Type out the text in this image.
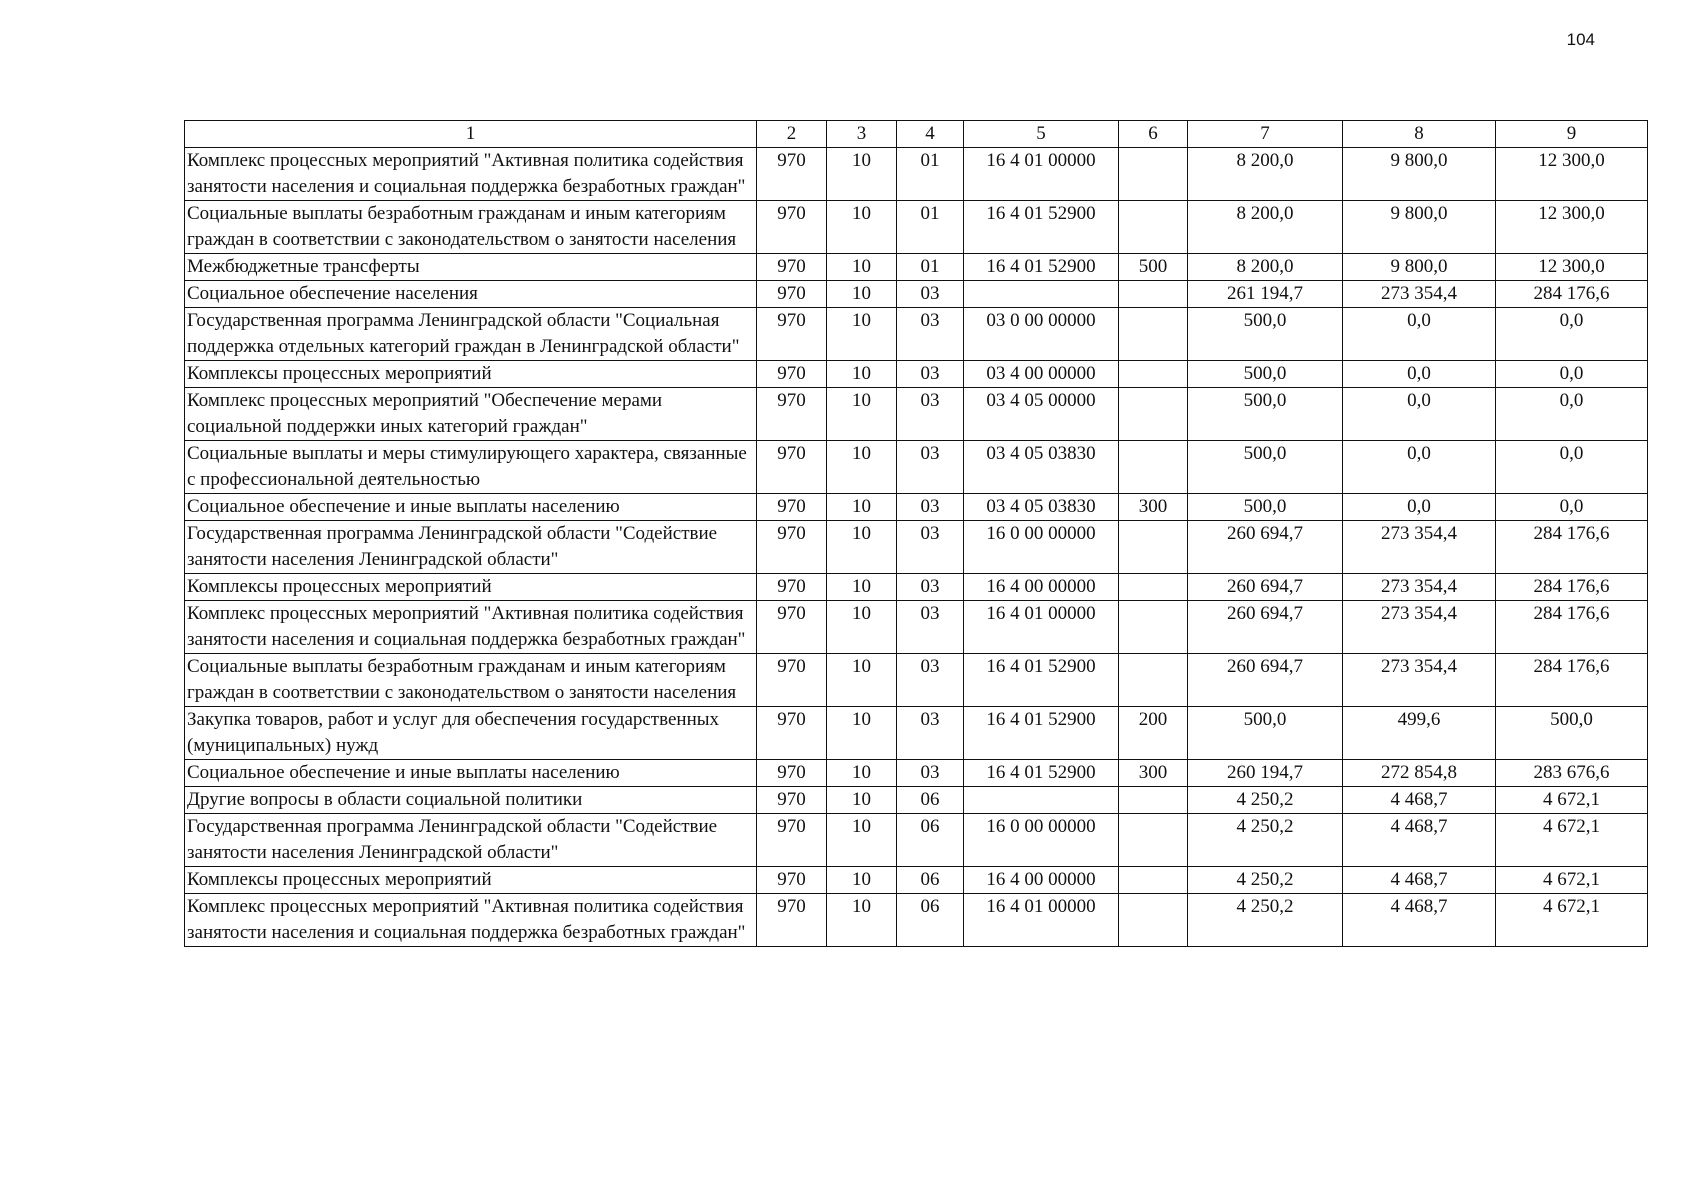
104
1	2	3	4	5	6	7	8	9
Комплекс процессных мероприятий "Активная политика содействия занятости населения и социальная поддержка безработных граждан"	970	10	01	16 4 01 00000		8 200,0	9 800,0	12 300,0
Социальные выплаты безработным гражданам и иным категориям граждан в соответствии с законодательством о занятости населения	970	10	01	16 4 01 52900		8 200,0	9 800,0	12 300,0
Межбюджетные трансферты	970	10	01	16 4 01 52900	500	8 200,0	9 800,0	12 300,0
Социальное обеспечение населения	970	10	03			261 194,7	273 354,4	284 176,6
Государственная программа Ленинградской области "Социальная поддержка отдельных категорий граждан в Ленинградской области"	970	10	03	03 0 00 00000		500,0	0,0	0,0
Комплексы процессных мероприятий	970	10	03	03 4 00 00000		500,0	0,0	0,0
Комплекс процессных мероприятий "Обеспечение мерами социальной поддержки иных категорий граждан"	970	10	03	03 4 05 00000		500,0	0,0	0,0
Социальные выплаты и меры стимулирующего характера, связанные с профессиональной деятельностью	970	10	03	03 4 05 03830		500,0	0,0	0,0
Социальное обеспечение и иные выплаты населению	970	10	03	03 4 05 03830	300	500,0	0,0	0,0
Государственная программа Ленинградской области "Содействие занятости населения Ленинградской области"	970	10	03	16 0 00 00000		260 694,7	273 354,4	284 176,6
Комплексы процессных мероприятий	970	10	03	16 4 00 00000		260 694,7	273 354,4	284 176,6
Комплекс процессных мероприятий "Активная политика содействия занятости населения и социальная поддержка безработных граждан"	970	10	03	16 4 01 00000		260 694,7	273 354,4	284 176,6
Социальные выплаты безработным гражданам и иным категориям граждан в соответствии с законодательством о занятости населения	970	10	03	16 4 01 52900		260 694,7	273 354,4	284 176,6
Закупка товаров, работ и услуг для обеспечения государственных (муниципальных) нужд	970	10	03	16 4 01 52900	200	500,0	499,6	500,0
Социальное обеспечение и иные выплаты населению	970	10	03	16 4 01 52900	300	260 194,7	272 854,8	283 676,6
Другие вопросы в области социальной политики	970	10	06			4 250,2	4 468,7	4 672,1
Государственная программа Ленинградской области "Содействие занятости населения Ленинградской области"	970	10	06	16 0 00 00000		4 250,2	4 468,7	4 672,1
Комплексы процессных мероприятий	970	10	06	16 4 00 00000		4 250,2	4 468,7	4 672,1
Комплекс процессных мероприятий "Активная политика содействия занятости населения и социальная поддержка безработных граждан"	970	10	06	16 4 01 00000		4 250,2	4 468,7	4 672,1
